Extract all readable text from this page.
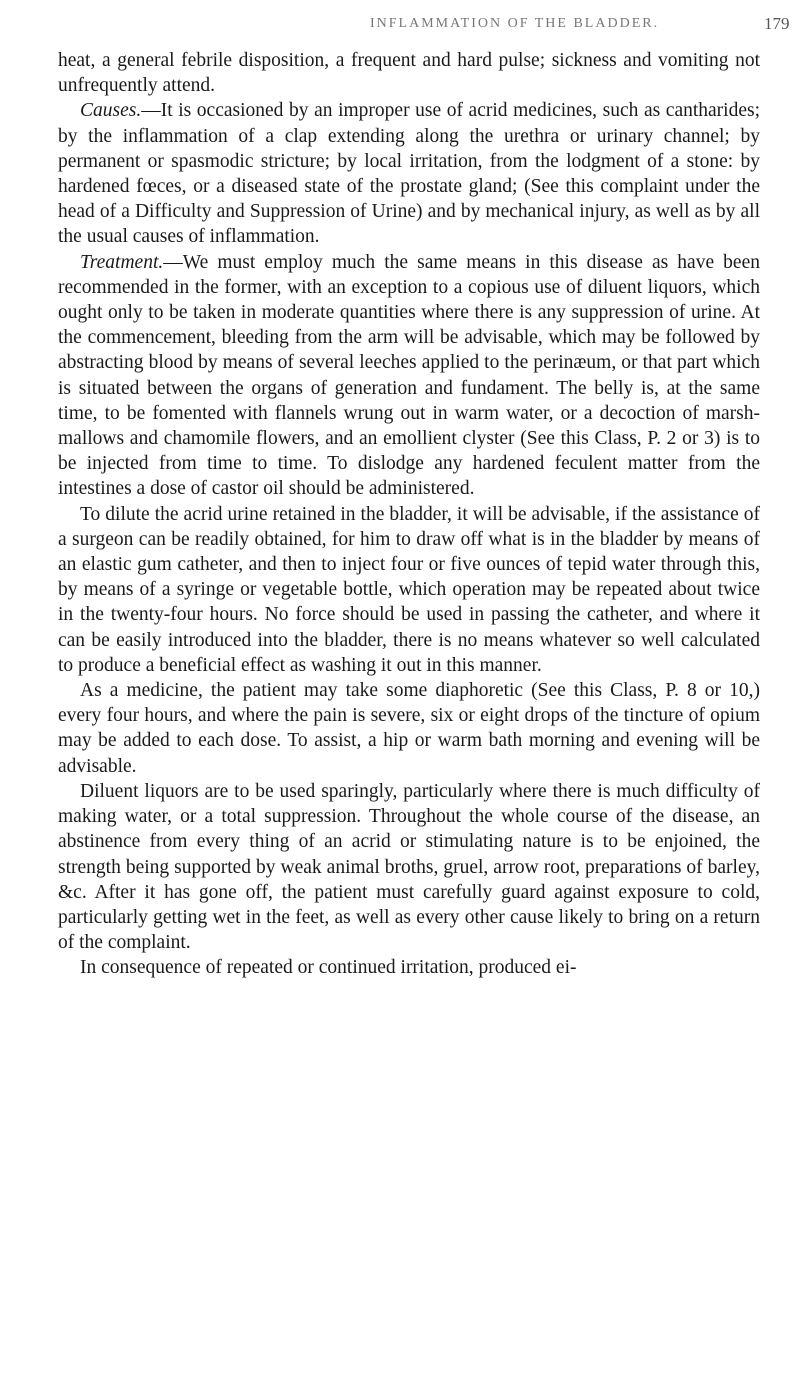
INFLAMMATION OF THE BLADDER.	179

heat, a general febrile disposition, a frequent and hard pulse; sickness and vomiting not unfrequently attend.

Causes.—It is occasioned by an improper use of acrid medicines, such as cantharides; by the inflammation of a clap extending along the urethra or urinary channel; by permanent or spasmodic stricture; by local irritation, from the lodgment of a stone: by hardened fœces, or a diseased state of the prostate gland; (See this complaint under the head of a Difficulty and Suppression of Urine) and by mechanical injury, as well as by all the usual causes of inflammation.

Treatment.—We must employ much the same means in this disease as have been recommended in the former, with an exception to a copious use of diluent liquors, which ought only to be taken in moderate quantities where there is any suppression of urine. At the commencement, bleeding from the arm will be advisable, which may be followed by abstracting blood by means of several leeches applied to the perinæum, or that part which is situated between the organs of generation and fundament. The belly is, at the same time, to be fomented with flannels wrung out in warm water, or a decoction of marsh-mallows and chamomile flowers, and an emollient clyster (See this Class, P. 2 or 3) is to be injected from time to time. To dislodge any hardened feculent matter from the intestines a dose of castor oil should be administered.

To dilute the acrid urine retained in the bladder, it will be advisable, if the assistance of a surgeon can be readily obtained, for him to draw off what is in the bladder by means of an elastic gum catheter, and then to inject four or five ounces of tepid water through this, by means of a syringe or vegetable bottle, which operation may be repeated about twice in the twenty-four hours. No force should be used in passing the catheter, and where it can be easily introduced into the bladder, there is no means whatever so well calculated to produce a beneficial effect as washing it out in this manner.

As a medicine, the patient may take some diaphoretic (See this Class, P. 8 or 10,) every four hours, and where the pain is severe, six or eight drops of the tincture of opium may be added to each dose. To assist, a hip or warm bath morning and evening will be advisable.

Diluent liquors are to be used sparingly, particularly where there is much difficulty of making water, or a total suppression. Throughout the whole course of the disease, an abstinence from every thing of an acrid or stimulating nature is to be enjoined, the strength being supported by weak animal broths, gruel, arrow root, preparations of barley, &c. After it has gone off, the patient must carefully guard against exposure to cold, particularly getting wet in the feet, as well as every other cause likely to bring on a return of the complaint.

In consequence of repeated or continued irritation, produced ei-
